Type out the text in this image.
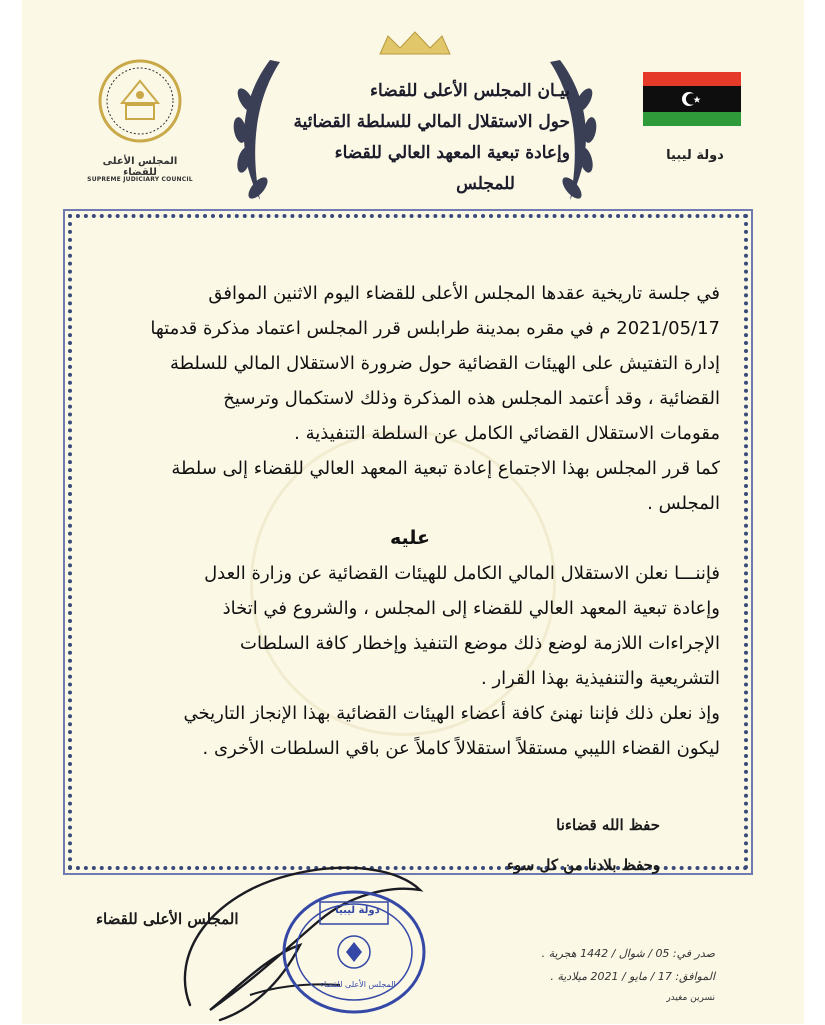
بيـان المجلس الأعلى للقضاء
حول الاستقلال المالي للسلطة القضائية
وإعادة تبعية المعهد العالي للقضاء
للمجلس
دولة ليبيا
المجلس الأعلى للقضاء
SUPREME JUDICIARY COUNCIL

في جلسة تاريخية عقدها المجلس الأعلى للقضاء اليوم الاثنين الموافق

2021/05/17 م في مقره بمدينة طرابلس قرر المجلس اعتماد مذكرة قدمتها

إدارة التفتيش على الهيئات القضائية حول ضرورة الاستقلال المالي للسلطة

القضائية ، وقد أعتمد المجلس هذه المذكرة وذلك لاستكمال وترسيخ

مقومات الاستقلال القضائي الكامل عن السلطة التنفيذية .

كما قرر المجلس بهذا الاجتماع إعادة تبعية المعهد العالي للقضاء إلى سلطة

المجلس .

عليه

فإننـــا نعلن الاستقلال المالي الكامل للهيئات القضائية عن وزارة العدل

وإعادة تبعية المعهد العالي للقضاء إلى المجلس ، والشروع في اتخاذ

الإجراءات اللازمة لوضع ذلك موضع التنفيذ وإخطار كافة السلطات

التشريعية والتنفيذية بهذا القرار .

وإذ نعلن ذلك فإننا نهنئ كافة أعضاء الهيئات القضائية بهذا الإنجاز التاريخي

ليكون القضاء الليبي مستقلاً استقلالاً كاملاً عن باقي السلطات الأخرى .

حفظ الله قضاءنا
وحفظ بلادنا من كل سوء
المجلس الأعلى للقضاء	دولة ليبيا
المجلس الأعلى للقضاء
صدر في: 05 / شوال / 1442 هجرية .
الموافق: 17 / مايو / 2021 ميلادية .
نسرين مغيدر
